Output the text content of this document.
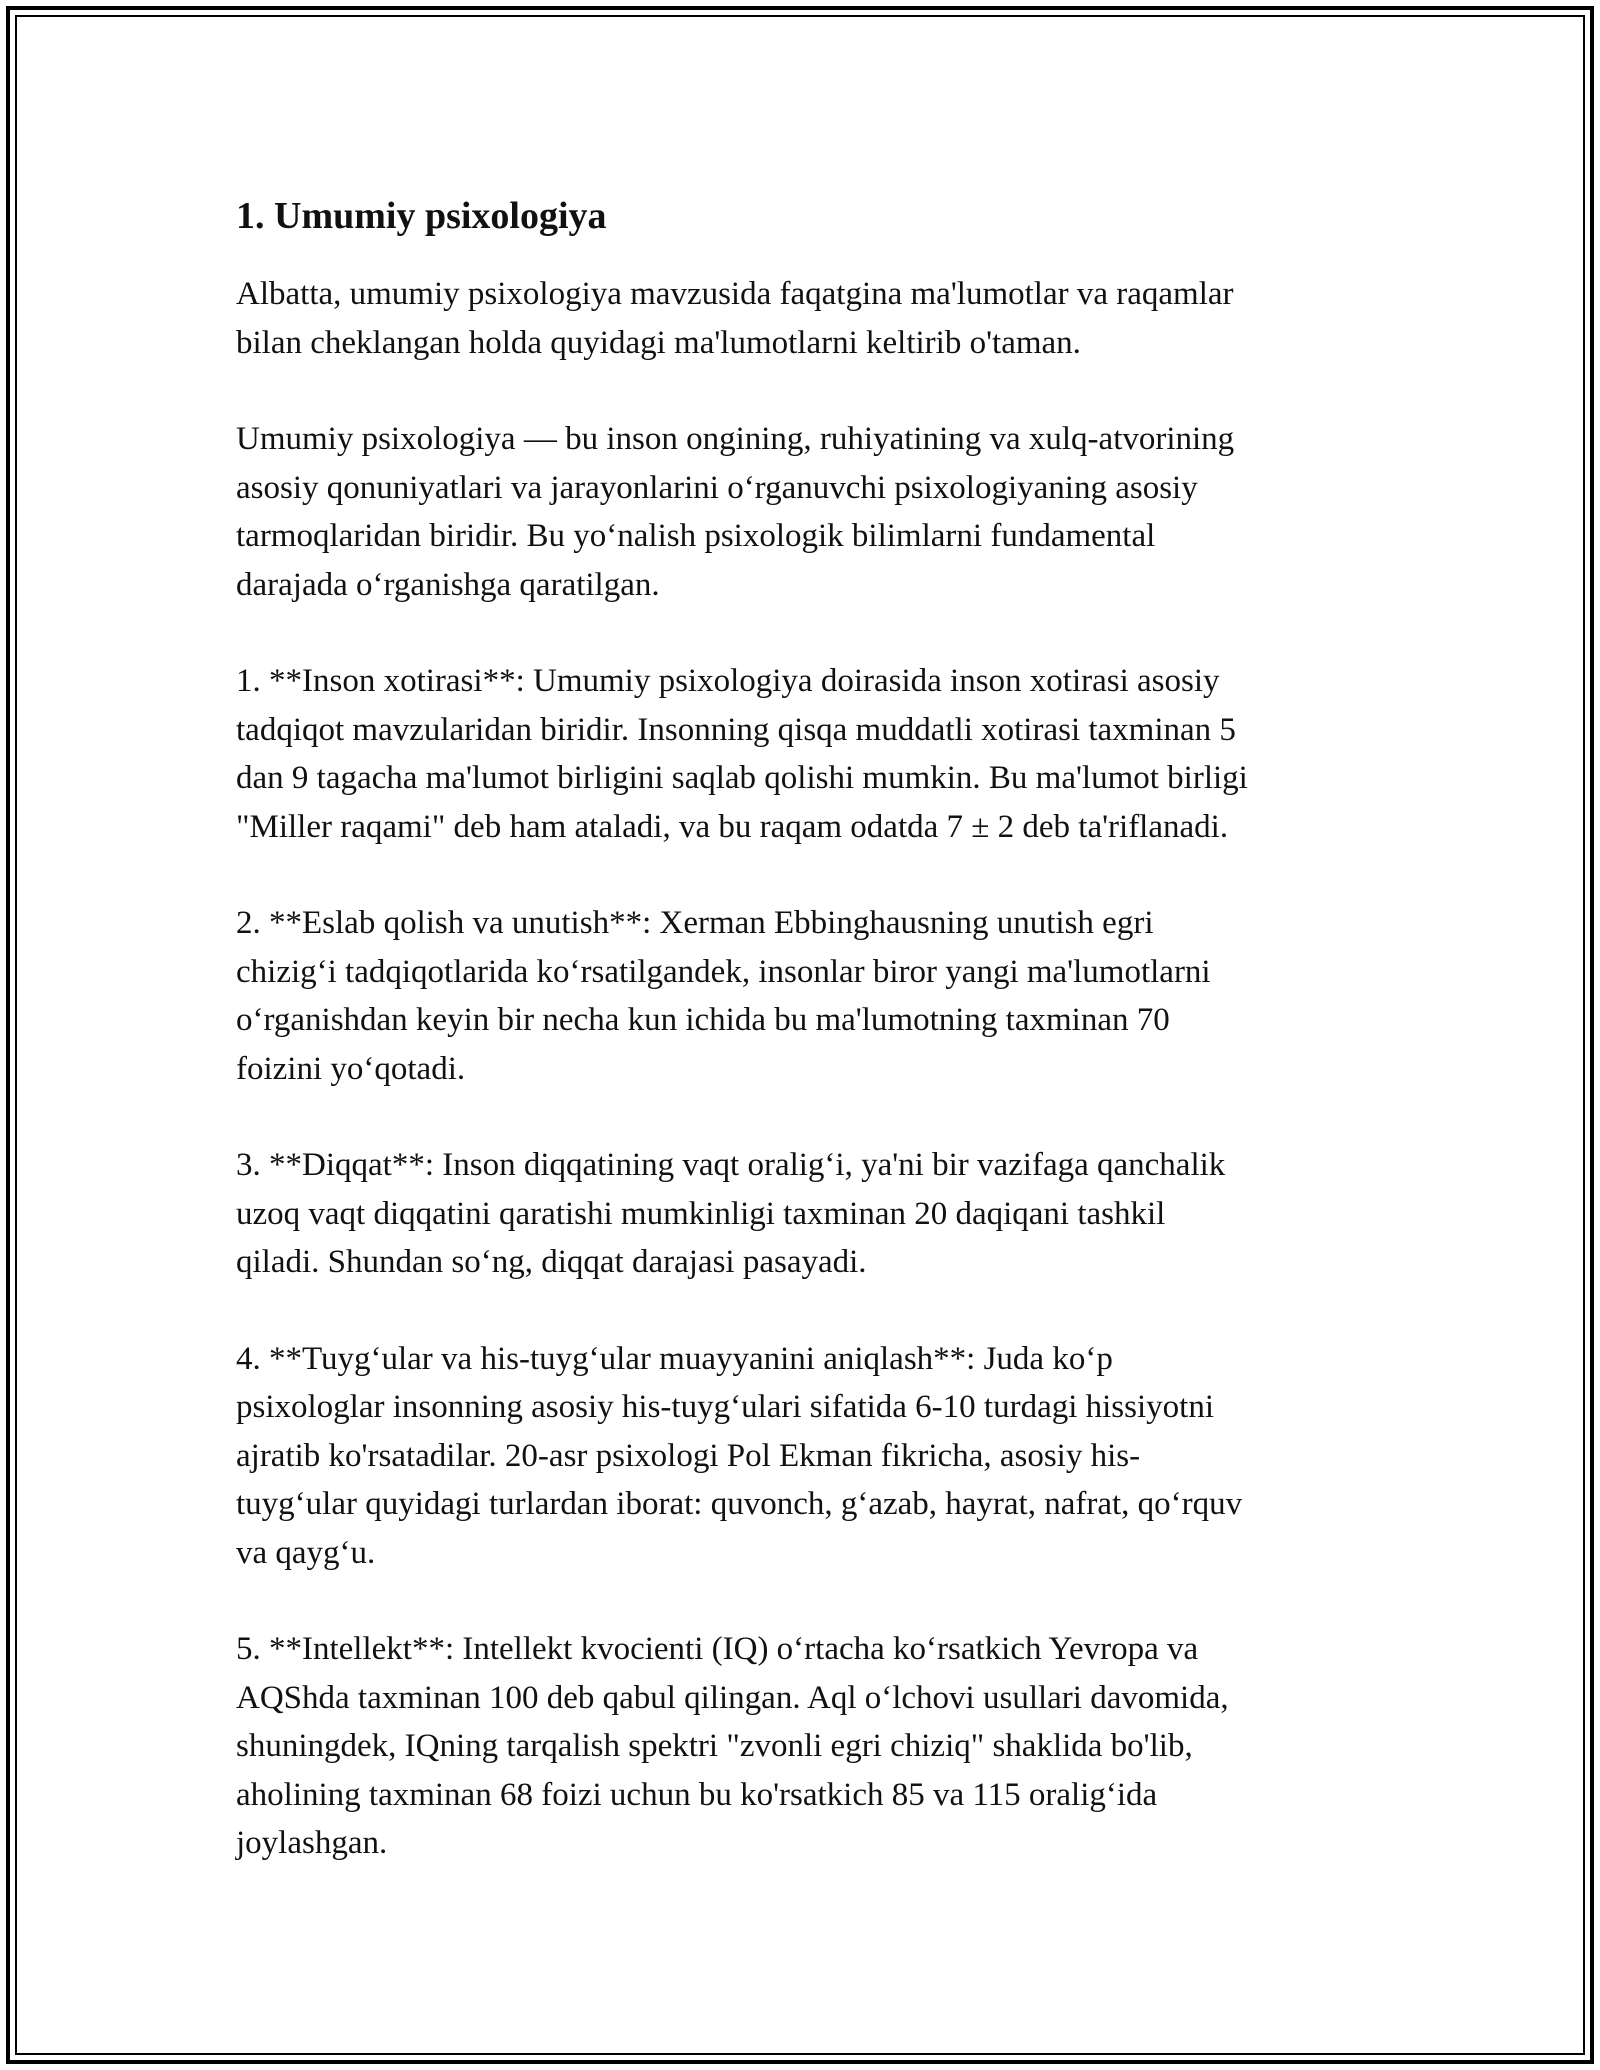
1. Umumiy psixologiya

Albatta, umumiy psixologiya mavzusida faqatgina ma'lumotlar va raqamlar
bilan cheklangan holda quyidagi ma'lumotlarni keltirib o'taman.

Umumiy psixologiya — bu inson ongining, ruhiyatining va xulq-atvorining
asosiy qonuniyatlari va jarayonlarini oʻrganuvchi psixologiyaning asosiy
tarmoqlaridan biridir. Bu yoʻnalish psixologik bilimlarni fundamental
darajada oʻrganishga qaratilgan.

1. **Inson xotirasi**: Umumiy psixologiya doirasida inson xotirasi asosiy
tadqiqot mavzularidan biridir. Insonning qisqa muddatli xotirasi taxminan 5
dan 9 tagacha ma'lumot birligini saqlab qolishi mumkin. Bu ma'lumot birligi
"Miller raqami" deb ham ataladi, va bu raqam odatda 7 ± 2 deb ta'riflanadi.

2. **Eslab qolish va unutish**: Xerman Ebbinghausning unutish egri
chizigʻi tadqiqotlarida koʻrsatilgandek, insonlar biror yangi ma'lumotlarni
oʻrganishdan keyin bir necha kun ichida bu ma'lumotning taxminan 70
foizini yoʻqotadi.

3. **Diqqat**: Inson diqqatining vaqt oraligʻi, ya'ni bir vazifaga qanchalik
uzoq vaqt diqqatini qaratishi mumkinligi taxminan 20 daqiqani tashkil
qiladi. Shundan soʻng, diqqat darajasi pasayadi.

4. **Tuygʻular va his-tuygʻular muayyanini aniqlash**: Juda koʻp
psixologlar insonning asosiy his-tuygʻulari sifatida 6-10 turdagi hissiyotni
ajratib ko'rsatadilar. 20-asr psixologi Pol Ekman fikricha, asosiy his-
tuygʻular quyidagi turlardan iborat: quvonch, gʻazab, hayrat, nafrat, qoʻrquv
va qaygʻu.

5. **Intellekt**: Intellekt kvocienti (IQ) oʻrtacha koʻrsatkich Yevropa va
AQShda taxminan 100 deb qabul qilingan. Aql oʻlchovi usullari davomida,
shuningdek, IQning tarqalish spektri "zvonli egri chiziq" shaklida bo'lib,
aholining taxminan 68 foizi uchun bu ko'rsatkich 85 va 115 oraligʻida
joylashgan.
